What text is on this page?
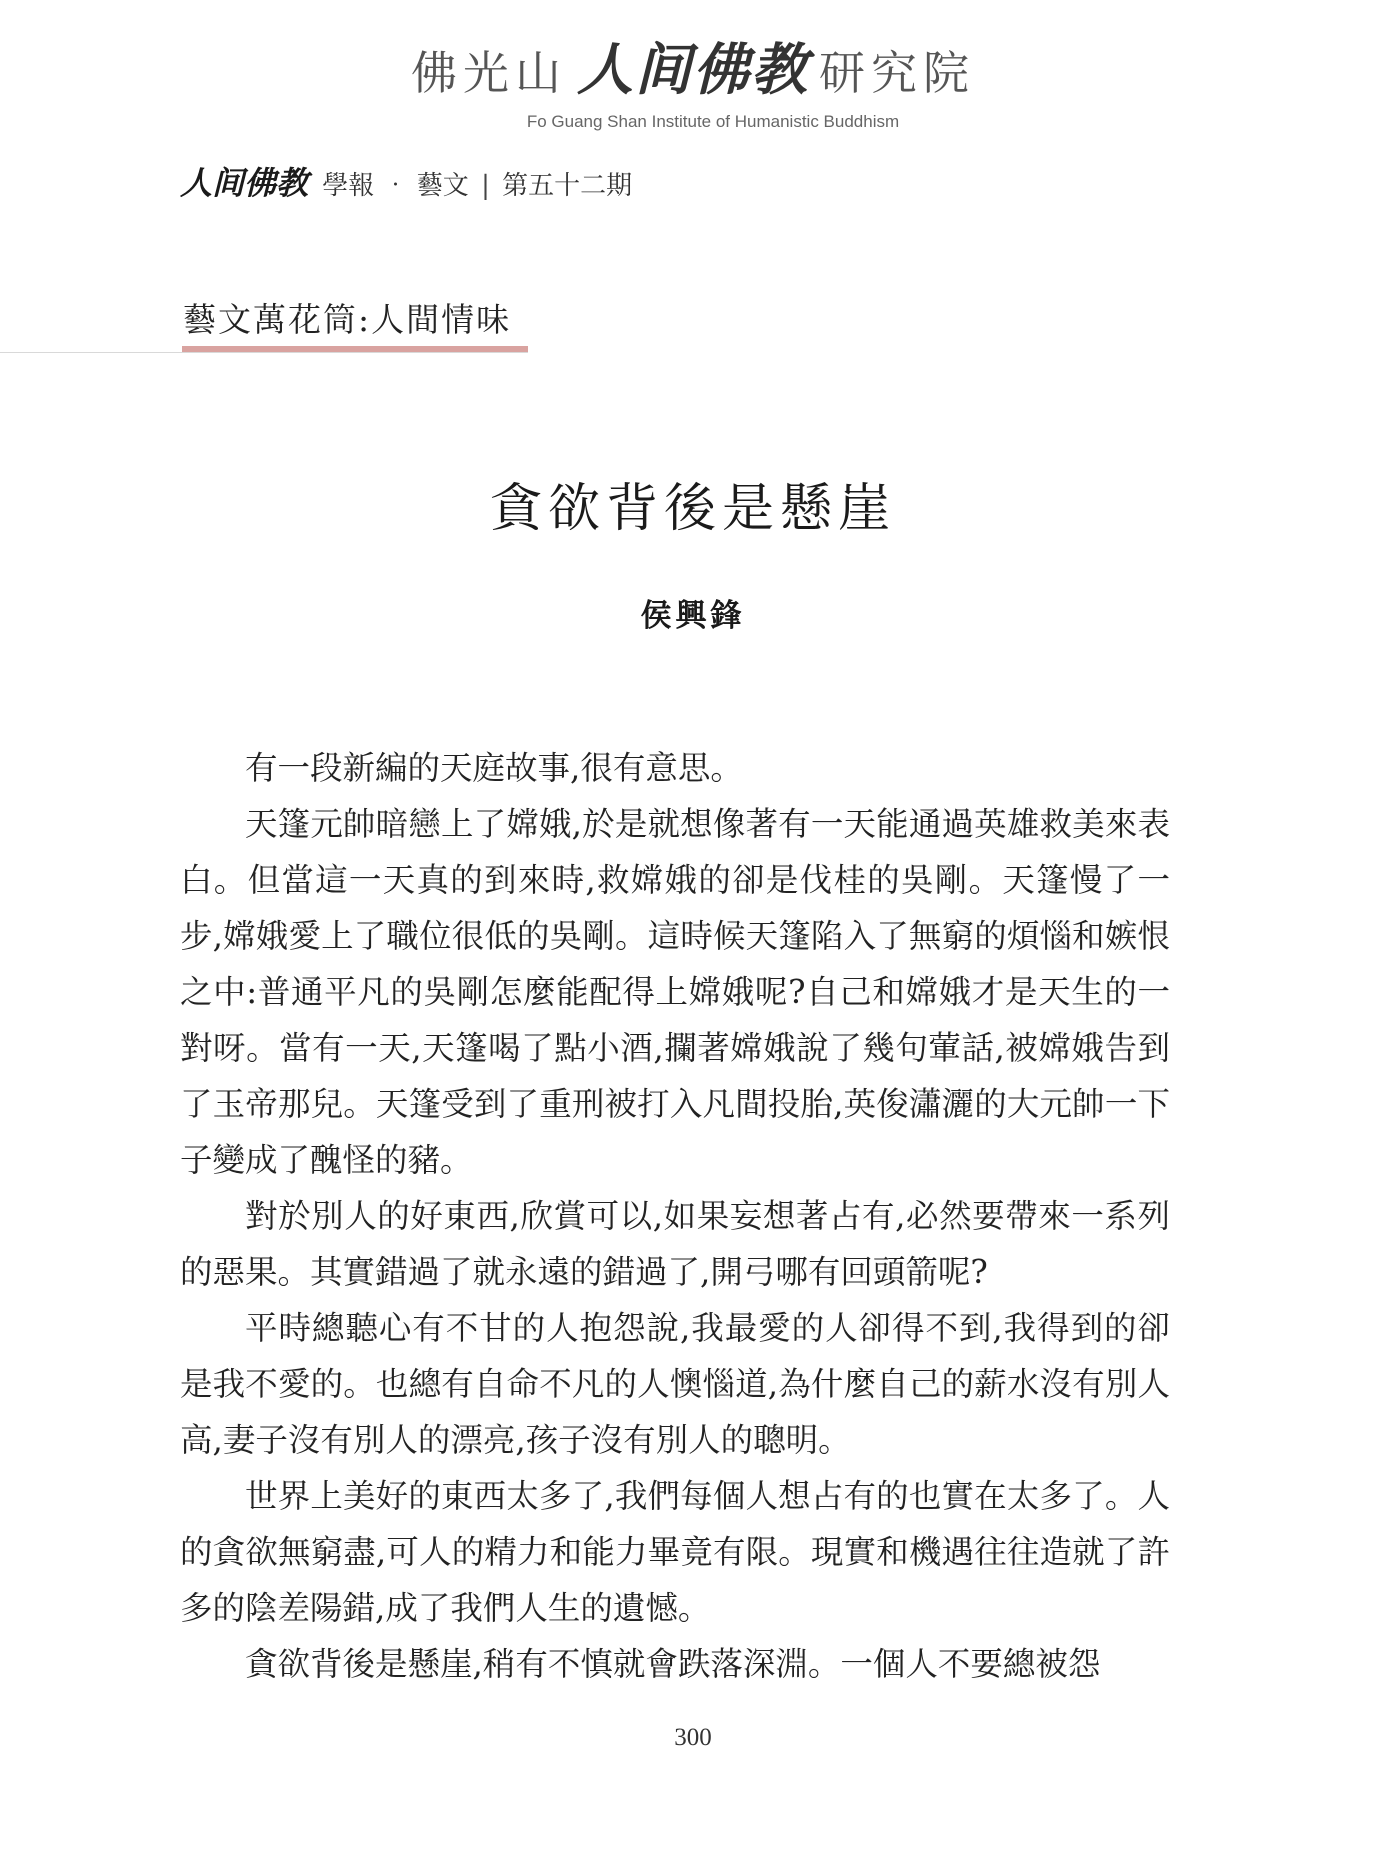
佛光山 人间佛教 研究院
Fo Guang Shan Institute of Humanistic Buddhism
人间佛教 學報 ‧ 藝文 | 第五十二期
藝文萬花筒:人間情味
貪欲背後是懸崖
侯興鋒

有一段新編的天庭故事,很有意思。

天篷元帥暗戀上了嫦娥,於是就想像著有一天能通過英雄救美來表白。但當這一天真的到來時,救嫦娥的卻是伐桂的吳剛。天篷慢了一步,嫦娥愛上了職位很低的吳剛。這時候天篷陷入了無窮的煩惱和嫉恨之中:普通平凡的吳剛怎麼能配得上嫦娥呢?自己和嫦娥才是天生的一對呀。當有一天,天篷喝了點小酒,攔著嫦娥說了幾句葷話,被嫦娥告到了玉帝那兒。天篷受到了重刑被打入凡間投胎,英俊瀟灑的大元帥一下子變成了醜怪的豬。

對於別人的好東西,欣賞可以,如果妄想著占有,必然要帶來一系列的惡果。其實錯過了就永遠的錯過了,開弓哪有回頭箭呢?

平時總聽心有不甘的人抱怨說,我最愛的人卻得不到,我得到的卻是我不愛的。也總有自命不凡的人懊惱道,為什麼自己的薪水沒有別人高,妻子沒有別人的漂亮,孩子沒有別人的聰明。

世界上美好的東西太多了,我們每個人想占有的也實在太多了。人的貪欲無窮盡,可人的精力和能力畢竟有限。現實和機遇往往造就了許多的陰差陽錯,成了我們人生的遺憾。

貪欲背後是懸崖,稍有不慎就會跌落深淵。一個人不要總被怨

300
